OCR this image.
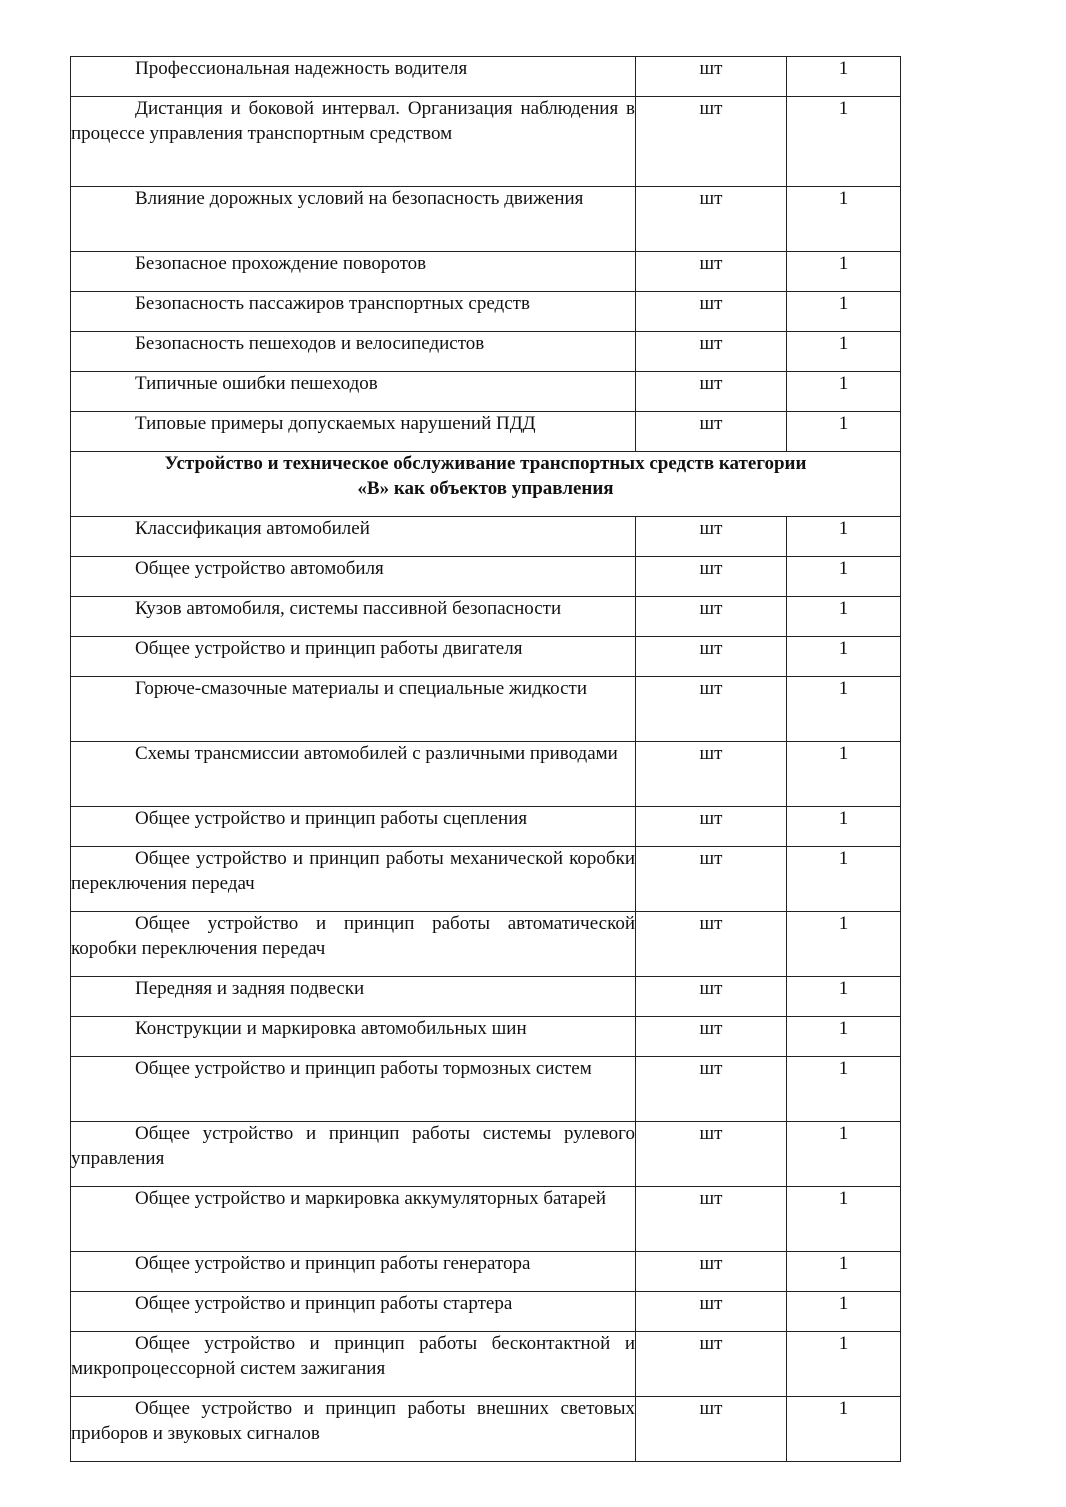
Профессиональная надежность водителя	шт	1
Дистанция и боковой интервал. Организация наблюдения в процессе управления транспортным средством	шт	1
Влияние дорожных условий на безопасность движения	шт	1
Безопасное прохождение поворотов	шт	1
Безопасность пассажиров транспортных средств	шт	1
Безопасность пешеходов и велосипедистов	шт	1
Типичные ошибки пешеходов	шт	1
Типовые примеры допускаемых нарушений ПДД	шт	1
Устройство и техническое обслуживание транспортных средств категории
«В» как объектов управления		
Классификация автомобилей	шт	1
Общее устройство автомобиля	шт	1
Кузов автомобиля, системы пассивной безопасности	шт	1
Общее устройство и принцип работы двигателя	шт	1
Горюче-смазочные материалы и специальные жидкости	шт	1
Схемы трансмиссии автомобилей с различными приводами	шт	1
Общее устройство и принцип работы сцепления	шт	1
Общее устройство и принцип работы механической коробки переключения передач	шт	1
Общее устройство и принцип работы автоматической коробки переключения передач	шт	1
Передняя и задняя подвески	шт	1
Конструкции и маркировка автомобильных шин	шт	1
Общее устройство и принцип работы тормозных систем	шт	1
Общее устройство и принцип работы системы рулевого управления	шт	1
Общее устройство и маркировка аккумуляторных батарей	шт	1
Общее устройство и принцип работы генератора	шт	1
Общее устройство и принцип работы стартера	шт	1
Общее устройство и принцип работы бесконтактной и микропроцессорной систем зажигания	шт	1
Общее устройство и принцип работы внешних световых приборов и звуковых сигналов	шт	1
